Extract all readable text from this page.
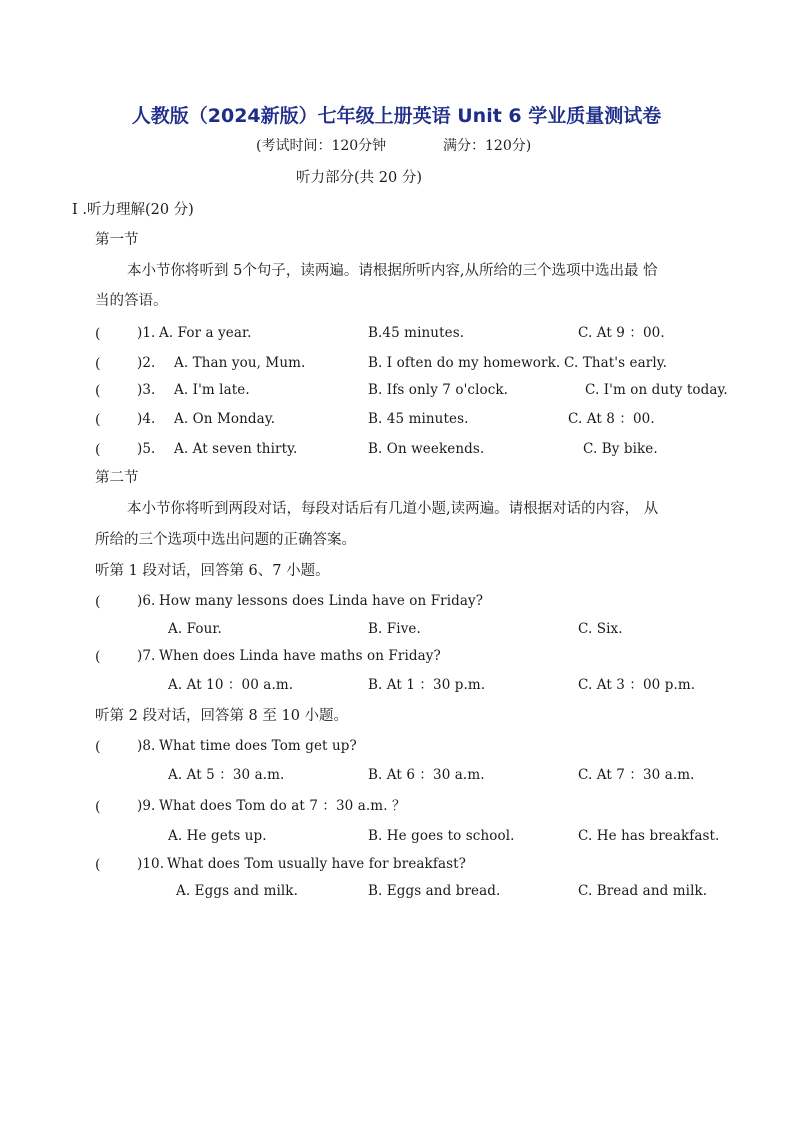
人教版（2024新版）七年级上册英语 Unit 6 学业质量测试卷
(考试时间：120分钟	满分：120分)
听力部分(共 20 分)
I .听力理解(20 分)
第一节
本小节你将听到 5个句子，读两遍。请根据所听内容,从所给的三个选项中选出最 恰
当的答语。
(	)1. A. For a year.	B.45 minutes.	C. At 9 ：00.
(	)2. A. Than you, Mum.	B. I often do my homework. C. That's early.
(	)3. A. I'm late.	B. Ifs only 7 o'clock.	C. I'm on duty today.
(	)4. A. On Monday.	B. 45 minutes.	C. At 8 ：00.
(	)5. A. At seven thirty.	B. On weekends.	C. By bike.
第二节
本小节你将听到两段对话，每段对话后有几道小题,读两遍。请根据对话的内容， 从
所给的三个选项中选出问题的正确答案。
听第 1 段对话，回答第 6、7 小题。
(	)6. How many lessons does Linda have on Friday?
A. Four.	B. Five.	C. Six.
(	)7. When does Linda have maths on Friday?
A. At 10 ：00 a.m.	B. At 1 ：30 p.m.	C. At 3 ：00 p.m.
听第 2 段对话，回答第 8 至 10 小题。
(	)8. What time does Tom get up?
A. At 5 ：30 a.m.	B. At 6 ：30 a.m.	C. At 7 ：30 a.m.
(	)9. What does Tom do at 7 ：30 a.m. ？
A. He gets up.	B. He goes to school.	C. He has breakfast.
(	)10. What does Tom usually have for breakfast?
A. Eggs and milk.	B. Eggs and bread.	C. Bread and milk.
